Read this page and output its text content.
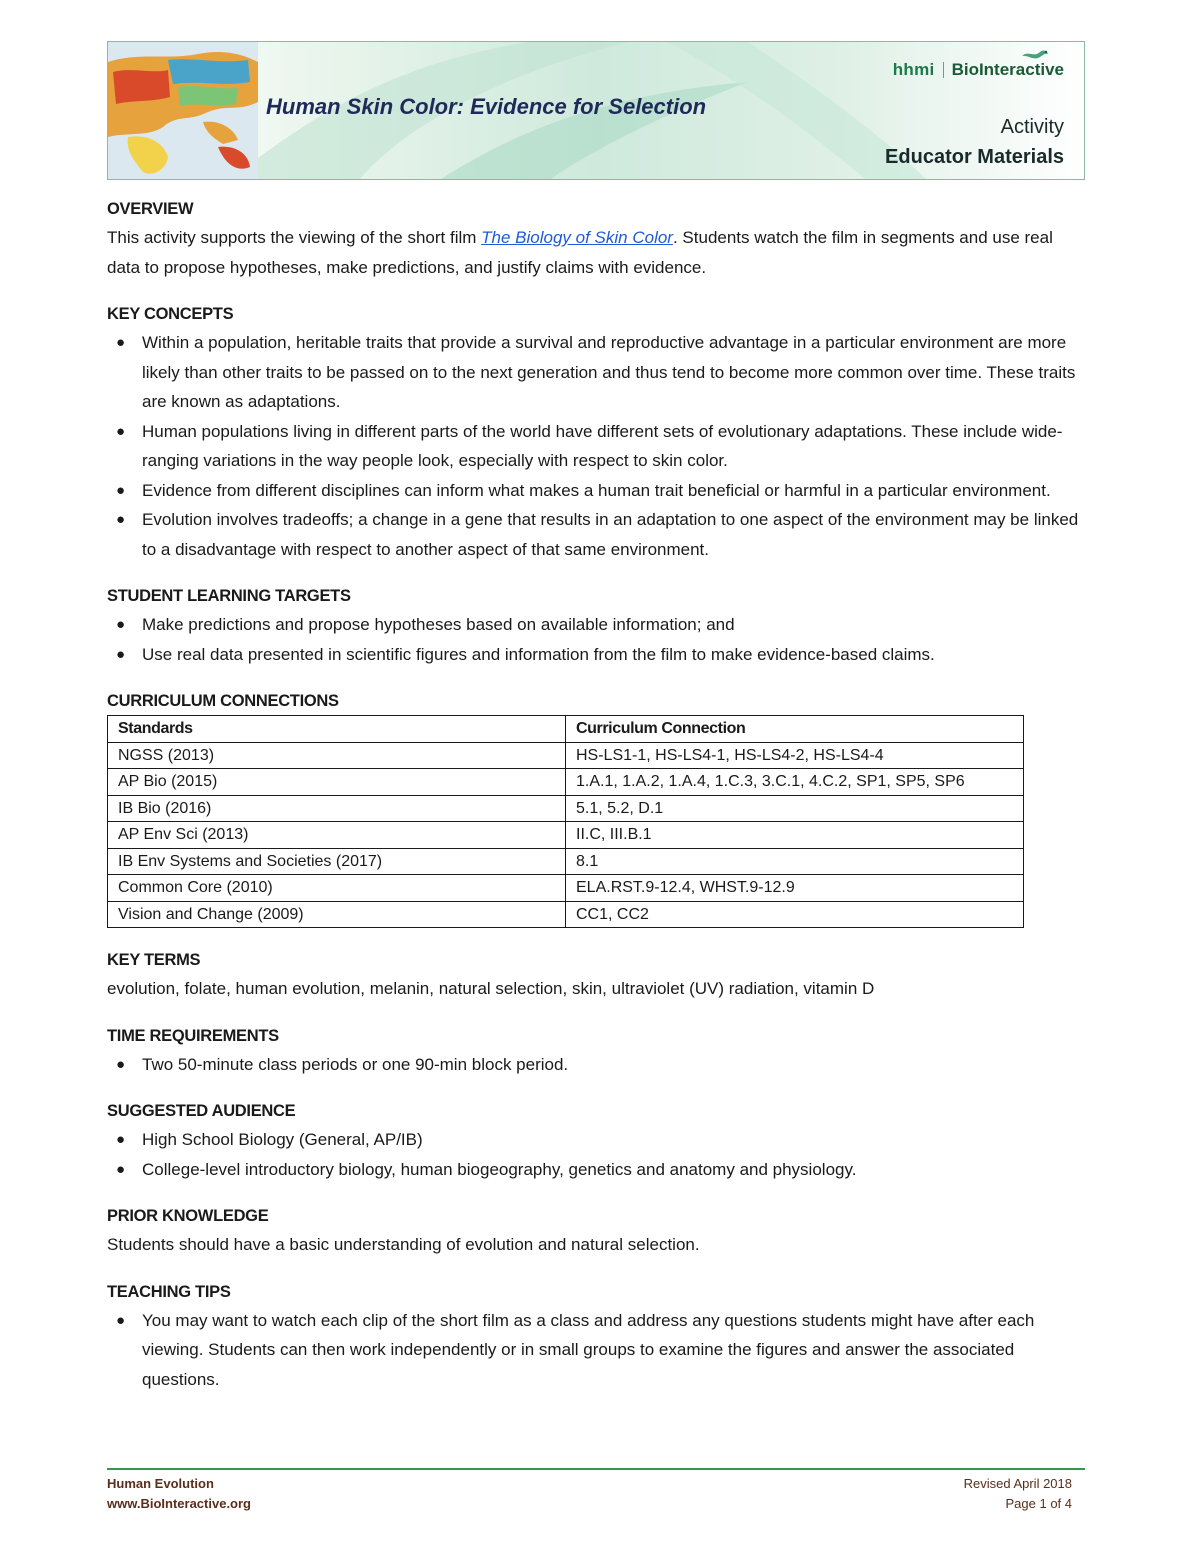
Human Skin Color: Evidence for Selection
hhmi BioInteractive
Activity
Educator Materials
OVERVIEW

This activity supports the viewing of the short film The Biology of Skin Color. Students watch the film in segments and use real data to propose hypotheses, make predictions, and justify claims with evidence.

KEY CONCEPTS
● Within a population, heritable traits that provide a survival and reproductive advantage in a particular environment are more likely than other traits to be passed on to the next generation and thus tend to become more common over time. These traits are known as adaptations.
● Human populations living in different parts of the world have different sets of evolutionary adaptations. These include wide-ranging variations in the way people look, especially with respect to skin color.
● Evidence from different disciplines can inform what makes a human trait beneficial or harmful in a particular environment.
● Evolution involves tradeoffs; a change in a gene that results in an adaptation to one aspect of the environment may be linked to a disadvantage with respect to another aspect of that same environment.
STUDENT LEARNING TARGETS
● Make predictions and propose hypotheses based on available information; and
● Use real data presented in scientific figures and information from the film to make evidence-based claims.
CURRICULUM CONNECTIONS
Standards	Curriculum Connection
NGSS (2013)	HS-LS1-1, HS-LS4-1, HS-LS4-2, HS-LS4-4
AP Bio (2015)	1.A.1, 1.A.2, 1.A.4, 1.C.3, 3.C.1, 4.C.2, SP1, SP5, SP6
IB Bio (2016)	5.1, 5.2, D.1
AP Env Sci (2013)	II.C, III.B.1
IB Env Systems and Societies (2017)	8.1
Common Core (2010)	ELA.RST.9-12.4, WHST.9-12.9
Vision and Change (2009)	CC1, CC2
KEY TERMS

evolution, folate, human evolution, melanin, natural selection, skin, ultraviolet (UV) radiation, vitamin D

TIME REQUIREMENTS
● Two 50-minute class periods or one 90-min block period.
SUGGESTED AUDIENCE
● High School Biology (General, AP/IB)
● College-level introductory biology, human biogeography, genetics and anatomy and physiology.
PRIOR KNOWLEDGE

Students should have a basic understanding of evolution and natural selection.

TEACHING TIPS
● You may want to watch each clip of the short film as a class and address any questions students might have after each viewing. Students can then work independently or in small groups to examine the figures and answer the associated questions.
Human Evolution
www.BioInteractive.org
Revised April 2018
Page 1 of 4
